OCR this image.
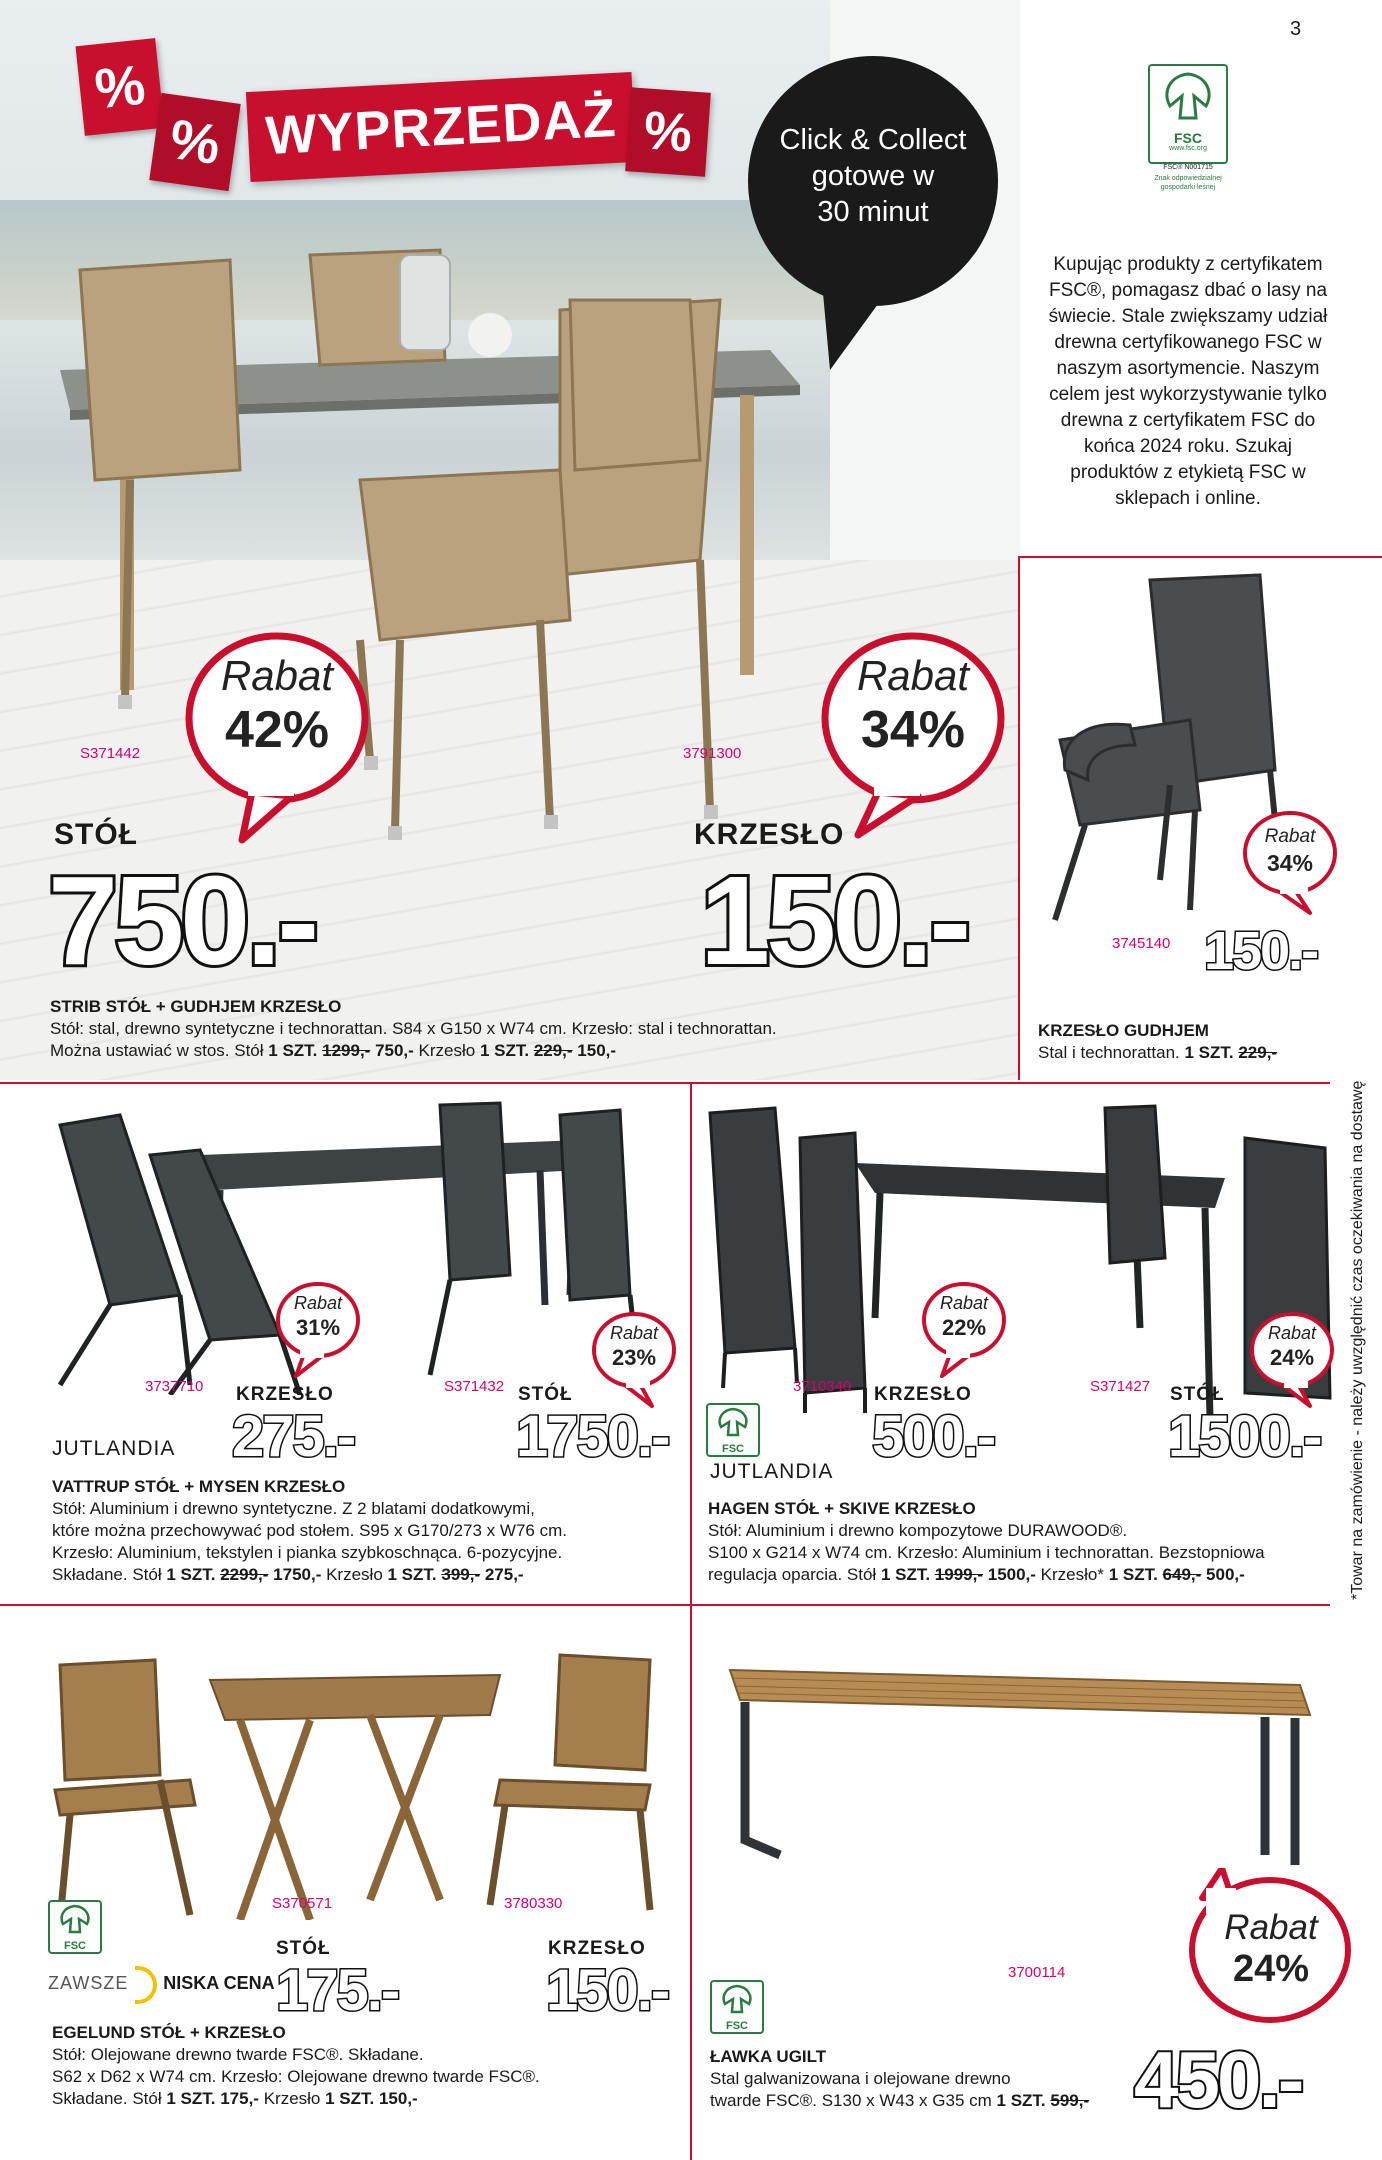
%
% WYPRZEDAŻ %	Click & Collect
gotowe w
30 minut
3
FSC
www.fsc.org
FSC® N001715
Znak odpowiedzialnej
gospodarki leśnej
Kupując produkty z certyfikatem FSC®, pomagasz dbać o lasy na świecie. Stale zwiększamy udział drewna certyfikowanego FSC w naszym asortymencie. Naszym celem jest wykorzystywanie tylko drewna z certyfikatem FSC do końca 2024 roku. Szukaj produktów z etykietą FSC w sklepach i online.
Rabat
42%
Rabat
34%
S371442	3791300
STÓŁ	KRZESŁO
750.-	150.-
STRIB STÓŁ + GUDHJEM KRZESŁO
Stół: stal, drewno syntetyczne i technorattan. S84 x G150 x W74 cm. Krzesło: stal i technorattan.
Można ustawiać w stos. Stół 1 SZT. 1299,- 750,- Krzesło 1 SZT. 229,- 150,-
Rabat
34%
3745140 150.-
KRZESŁO GUDHJEM
Stal i technorattan. 1 SZT. 229,-
*Towar na zamówienie - należy uwzględnić czas oczekiwania na dostawę
Rabat
31%	Rabat
23%
3737710	S371432
KRZESŁO	STÓŁ
JUTLANDIA 275.-	1750.-
VATTRUP STÓŁ + MYSEN KRZESŁO
Stół: Aluminium i drewno syntetyczne. Z 2 blatami dodatkowymi,
które można przechowywać pod stołem. S95 x G170/273 x W76 cm.
Krzesło: Aluminium, tekstylen i pianka szybkoschnąca. 6-pozycyjne.
Składane. Stół 1 SZT. 2299,- 1750,- Krzesło 1 SZT. 399,- 275,-
Rabat
22%	Rabat
24%
3710340	S371427
KRZESŁO	STÓŁ
FSC
JUTLANDIA
500.-	1500.-
HAGEN STÓŁ + SKIVE KRZESŁO
Stół: Aluminium i drewno kompozytowe DURAWOOD®.
S100 x G214 x W74 cm. Krzesło: Aluminium i technorattan. Bezstopniowa
regulacja oparcia. Stół 1 SZT. 1999,- 1500,- Krzesło* 1 SZT. 649,- 500,-
S370571	3780330
FSC	STÓŁ	KRZESŁO
ZAWSZE NISKA CENA 175.-	150.-
EGELUND STÓŁ + KRZESŁO
Stół: Olejowane drewno twarde FSC®. Składane.
S62 x D62 x W74 cm. Krzesło: Olejowane drewno twarde FSC®.
Składane. Stół 1 SZT. 175,- Krzesło 1 SZT. 150,-
Rabat
24%
3700114
FSC
450.-
ŁAWKA UGILT
Stal galwanizowana i olejowane drewno
twarde FSC®. S130 x W43 x G35 cm 1 SZT. 599,-
